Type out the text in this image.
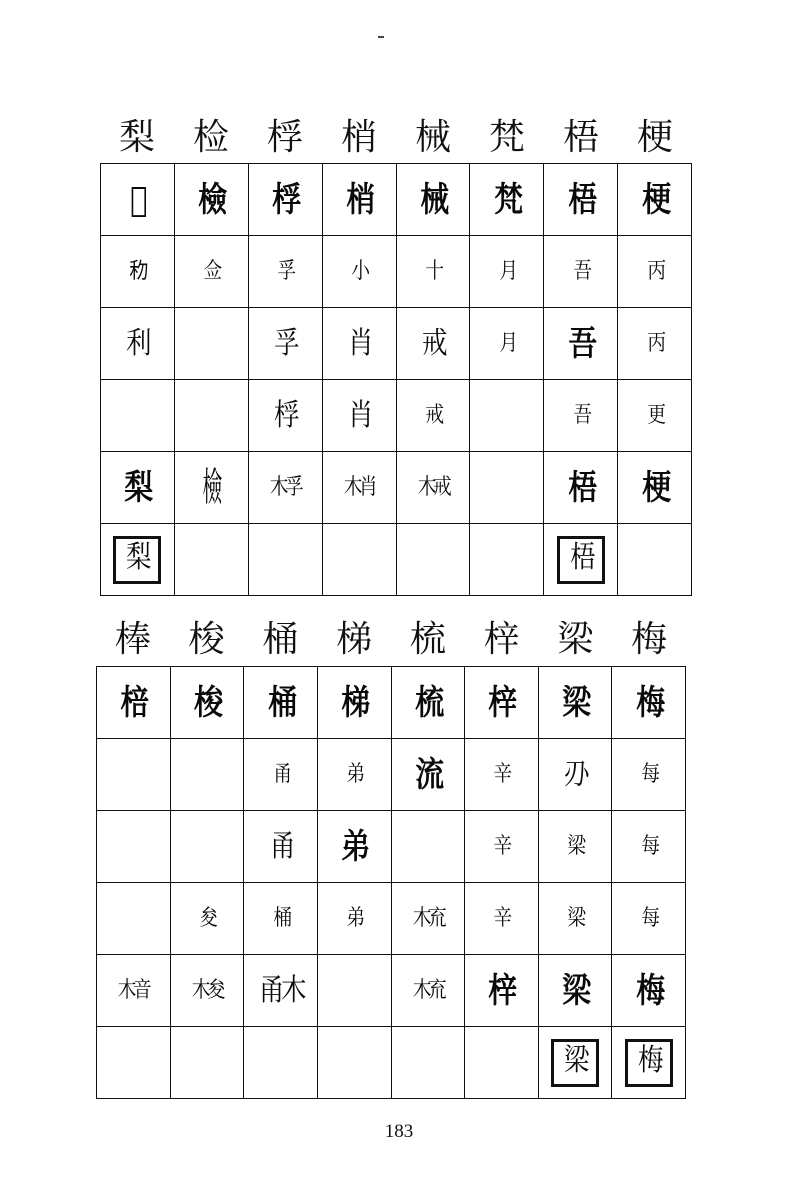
梨	检	桴	梢	械	梵	梧	梗
𣓮	檢	桴	梢	械	梵	梧	梗
𥝢	佥	孚	小	十	月	吾	丙
利		孚	肖	戒	月	吾	丙
		桴	肖	戒		吾	更
梨	檢	木孚	木肖	木戒		梧	梗
梨						梧	
棒	梭	桶	梯	梳	梓	梁	梅
棓	梭	桶	梯	梳	梓	梁	梅
		甬	弟	流	辛	刅	每
		甬	弟		辛	梁	每
	夋	桶	弟	木㐬	辛	梁	每
木音	木夋	甬木		木㐬	梓	梁	梅
						梁	梅
183
